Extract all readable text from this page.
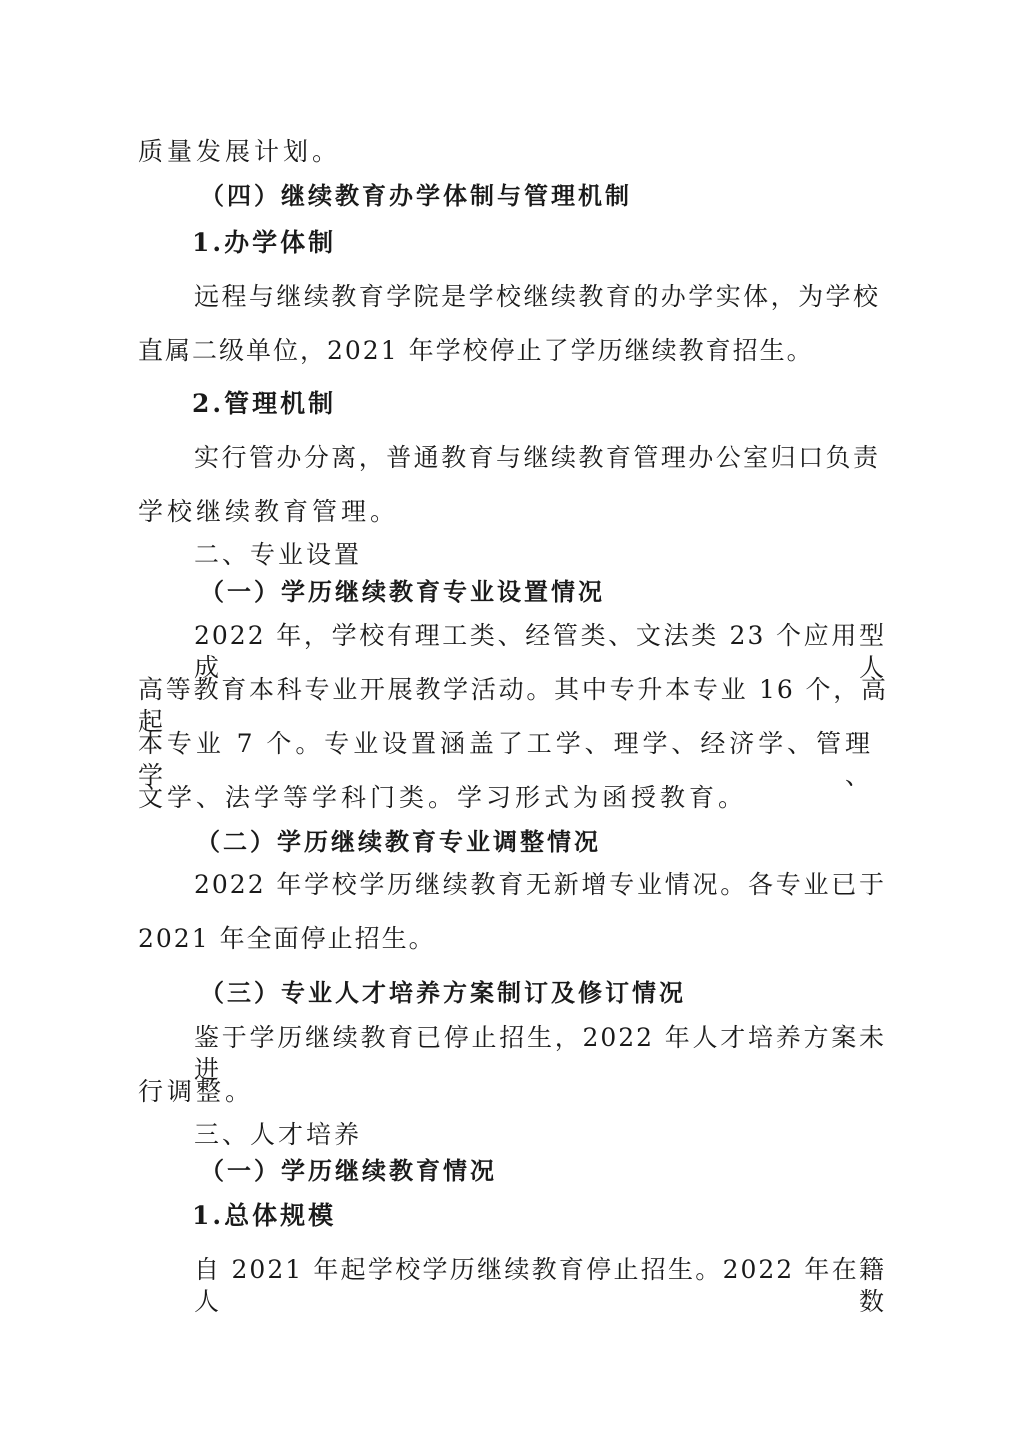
质量发展计划。
（四）继续教育办学体制与管理机制
1.办学体制
远程与继续教育学院是学校继续教育的办学实体，为学校
直属二级单位，2021 年学校停止了学历继续教育招生。
2.管理机制
实行管办分离，普通教育与继续教育管理办公室归口负责
学校继续教育管理。
二、专业设置
（一）学历继续教育专业设置情况
2022 年，学校有理工类、经管类、文法类 23 个应用型成人
高等教育本科专业开展教学活动。其中专升本专业 16 个，高起
本专业 7 个。专业设置涵盖了工学、理学、经济学、管理学、
文学、法学等学科门类。学习形式为函授教育。
（二）学历继续教育专业调整情况
2022 年学校学历继续教育无新增专业情况。各专业已于
2021 年全面停止招生。
（三）专业人才培养方案制订及修订情况
鉴于学历继续教育已停止招生，2022 年人才培养方案未进
行调整。
三、人才培养
（一）学历继续教育情况
1.总体规模
自 2021 年起学校学历继续教育停止招生。2022 年在籍人数
